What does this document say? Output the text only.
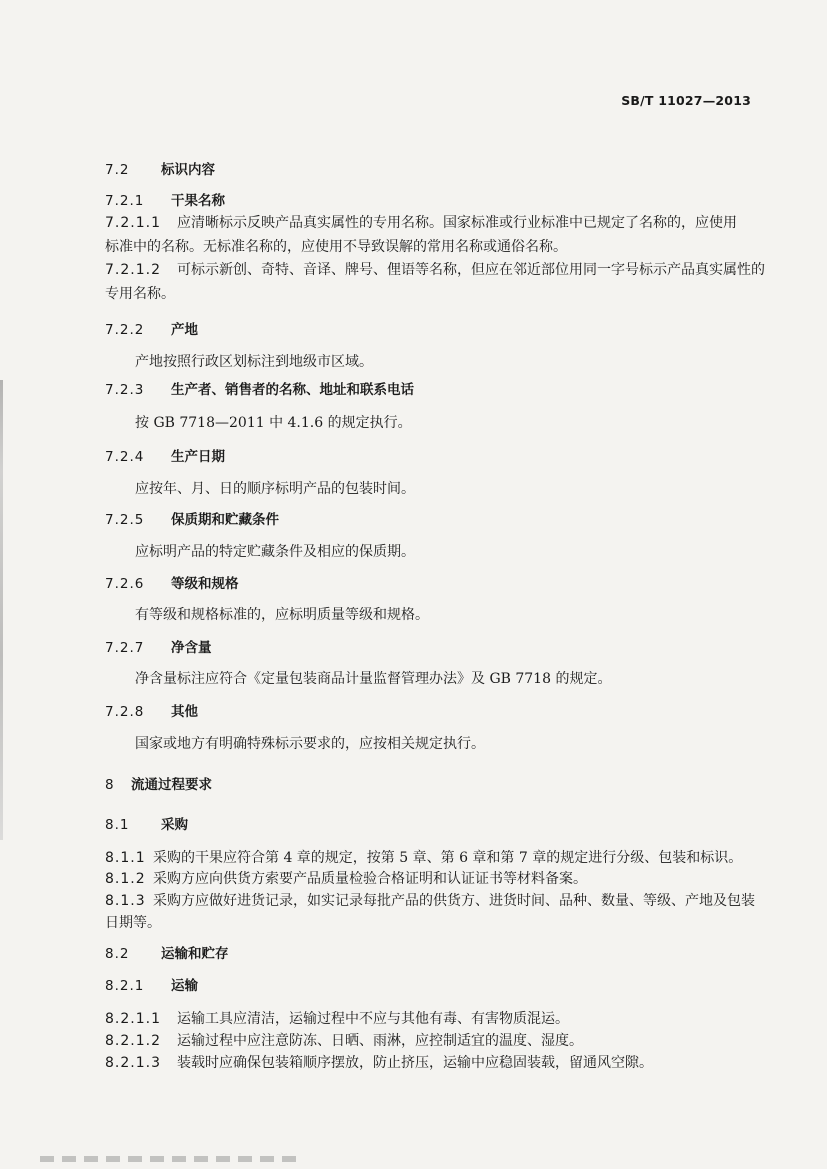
SB/T 11027—2013
7.2 标识内容
7.2.1 干果名称
7.2.1.1 应清晰标示反映产品真实属性的专用名称。国家标准或行业标准中已规定了名称的，应使用
标准中的名称。无标准名称的，应使用不导致误解的常用名称或通俗名称。
7.2.1.2 可标示新创、奇特、音译、牌号、俚语等名称，但应在邻近部位用同一字号标示产品真实属性的
专用名称。
7.2.2 产地
产地按照行政区划标注到地级市区域。
7.2.3 生产者、销售者的名称、地址和联系电话
按 GB 7718—2011 中 4.1.6 的规定执行。
7.2.4 生产日期
应按年、月、日的顺序标明产品的包装时间。
7.2.5 保质期和贮藏条件
应标明产品的特定贮藏条件及相应的保质期。
7.2.6 等级和规格
有等级和规格标准的，应标明质量等级和规格。
7.2.7 净含量
净含量标注应符合《定量包装商品计量监督管理办法》及 GB 7718 的规定。
7.2.8 其他
国家或地方有明确特殊标示要求的，应按相关规定执行。
8 流通过程要求
8.1 采购
8.1.1 采购的干果应符合第 4 章的规定，按第 5 章、第 6 章和第 7 章的规定进行分级、包装和标识。
8.1.2 采购方应向供货方索要产品质量检验合格证明和认证证书等材料备案。
8.1.3 采购方应做好进货记录，如实记录每批产品的供货方、进货时间、品种、数量、等级、产地及包装
日期等。
8.2 运输和贮存
8.2.1 运输
8.2.1.1 运输工具应清洁，运输过程中不应与其他有毒、有害物质混运。
8.2.1.2 运输过程中应注意防冻、日晒、雨淋，应控制适宜的温度、湿度。
8.2.1.3 装载时应确保包装箱顺序摆放，防止挤压，运输中应稳固装载，留通风空隙。
